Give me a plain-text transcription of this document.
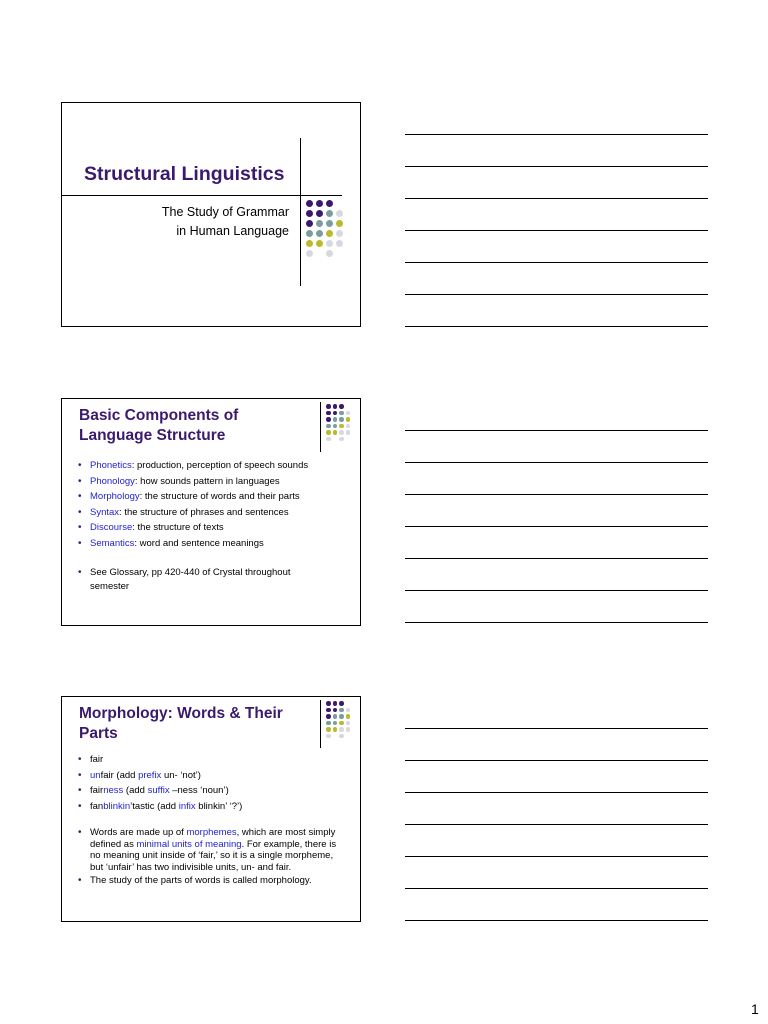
Structural Linguistics
The Study of Grammar
in Human Language
Basic Components of
Language Structure
• Phonetics: production, perception of speech sounds
• Phonology: how sounds pattern in languages
• Morphology: the structure of words and their parts
• Syntax: the structure of phrases and sentences
• Discourse: the structure of texts
• Semantics: word and sentence meanings
• See Glossary, pp 420-440 of Crystal throughout
semester
Morphology: Words & Their
Parts
• fair
• unfair (add prefix un- ‘not’)
• fairness (add suffix –ness ‘noun’)
• fanblinkin’tastic (add infix blinkin’ ‘?’)
• Words are made up of morphemes, which are most simply defined as minimal units of meaning. For example, there is no meaning unit inside of ‘fair,’ so it is a single morpheme, but ‘unfair’ has two indivisible units, un- and fair.
• The study of the parts of words is called morphology.
1
